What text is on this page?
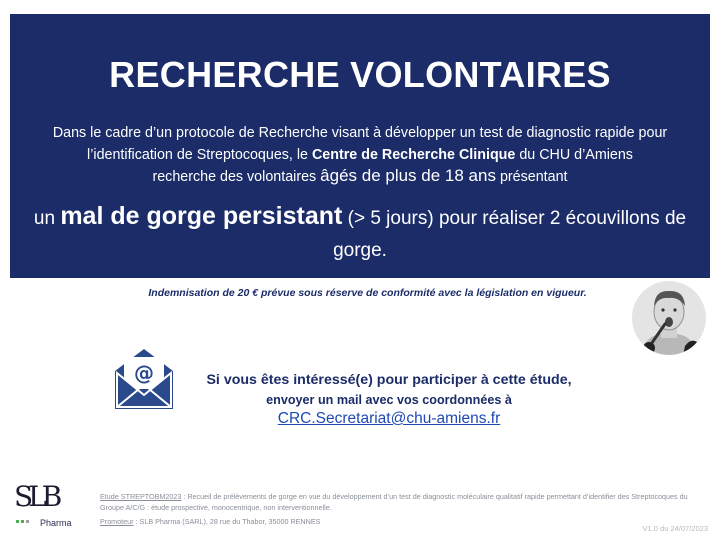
RECHERCHE VOLONTAIRES
Dans le cadre d’un protocole de Recherche visant à développer un test de diagnostic rapide pour l’identification de Streptocoques, le Centre de Recherche Clinique du CHU d’Amiens
recherche des volontaires âgés de plus de 18 ans présentant
un mal de gorge persistant (> 5 jours) pour réaliser 2 écouvillons de gorge.
Indemnisation de 20 € prévue sous réserve de conformité avec la législation en vigueur.
@	Si vous êtes intéressé(e) pour participer à cette étude,
envoyer un mail avec vos coordonnées à
CRC.Secretariat@chu-amiens.fr
SLB
Pharma
Etude STREPTOBM2023 : Recueil de prélèvements de gorge en vue du développement d’un test de diagnostic moléculaire qualitatif rapide permettant d’identifier des Streptocoques du Groupe A/C/G : étude prospective, monocentrique, non interventionnelle.
Promoteur : SLB Pharma (SARL), 28 rue du Thabor, 35000 RENNES
V1.0 du 24/07/2023
